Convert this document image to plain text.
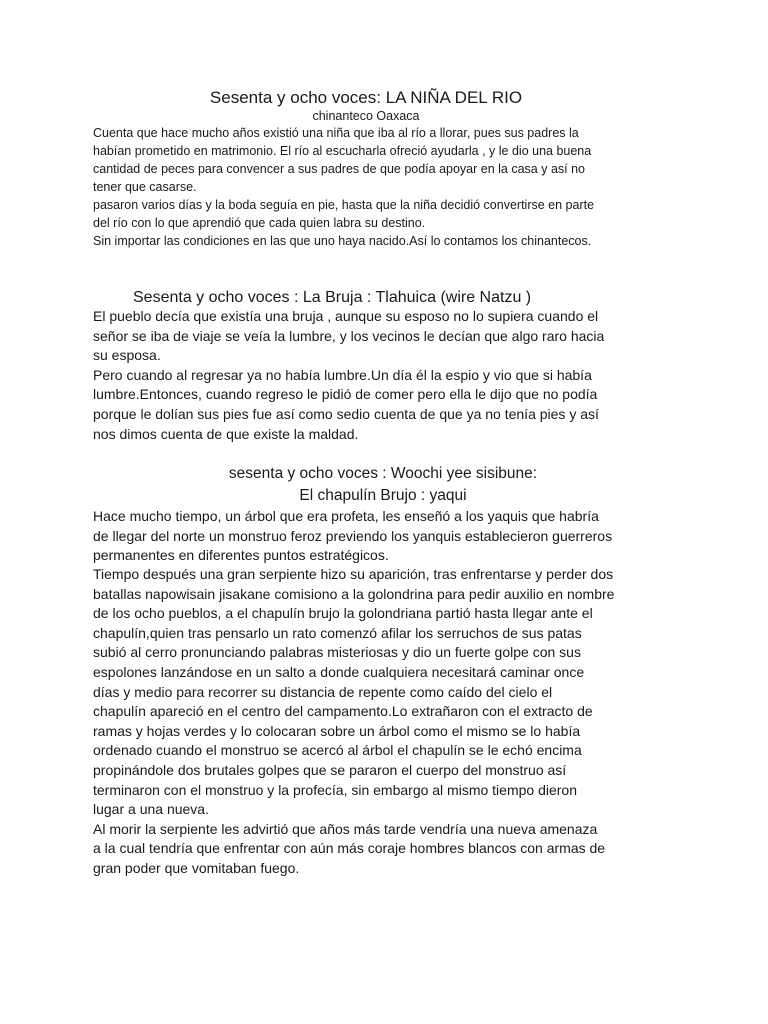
Sesenta y ocho voces: LA NIÑA DEL RIO
chinanteco Oaxaca
Cuenta que hace mucho años existió una niña que iba al río a llorar, pues sus padres la
habían prometido en matrimonio. El río al escucharla ofreció ayudarla , y le dio una buena
cantidad de peces para convencer a sus padres de que podía apoyar en la casa y así no
tener que casarse.
pasaron varios días y la boda seguía en pie, hasta que la niña decidió convertirse en parte
del río con lo que aprendió que cada quien labra su destino.
Sin importar las condiciones en las que uno haya nacido.Así lo contamos los chinantecos.
Sesenta y ocho voces : La Bruja : Tlahuica (wire Natzu )
El pueblo decía que existía una bruja , aunque su esposo no lo supiera cuando el
señor se iba de viaje se veía la lumbre, y los vecinos le decían que algo raro hacia
su esposa.
Pero cuando al regresar ya no había lumbre.Un día él la espio y vio que si había
lumbre.Entonces, cuando regreso le pidió de comer pero ella le dijo que no podía
porque le dolían sus pies fue así como sedio cuenta de que ya no tenía pies y así
nos dimos cuenta de que existe la maldad.
sesenta y ocho voces : Woochi yee sisibune:
El chapulín Brujo : yaqui
Hace mucho tiempo, un árbol que era profeta, les enseñó a los yaquis que habría
de llegar del norte un monstruo feroz previendo los yanquis establecieron guerreros
permanentes en diferentes puntos estratégicos.
Tiempo después una gran serpiente hizo su aparición, tras enfrentarse y perder dos
batallas napowisain jisakane comisiono a la golondrina para pedir auxilio en nombre
de los ocho pueblos, a el chapulín brujo la golondriana partió hasta llegar ante el
chapulín,quien tras pensarlo un rato comenzó afilar los serruchos de sus patas
subió al cerro pronunciando palabras misteriosas y dio un fuerte golpe con sus
espolones lanzándose en un salto a donde cualquiera necesitará caminar once
días y medio para recorrer su distancia de repente como caído del cielo el
chapulín apareció en el centro del campamento.Lo extrañaron con el extracto de
ramas y hojas verdes y lo colocaran sobre un árbol como el mismo se lo había
ordenado cuando el monstruo se acercó al árbol el chapulín se le echó encima
propinándole dos brutales golpes que se pararon el cuerpo del monstruo así
terminaron con el monstruo y la profecía, sin embargo al mismo tiempo dieron
lugar a una nueva.
Al morir la serpiente les advirtió que años más tarde vendría una nueva amenaza
a la cual tendría que enfrentar con aún más coraje hombres blancos con armas de
gran poder que vomitaban fuego.
